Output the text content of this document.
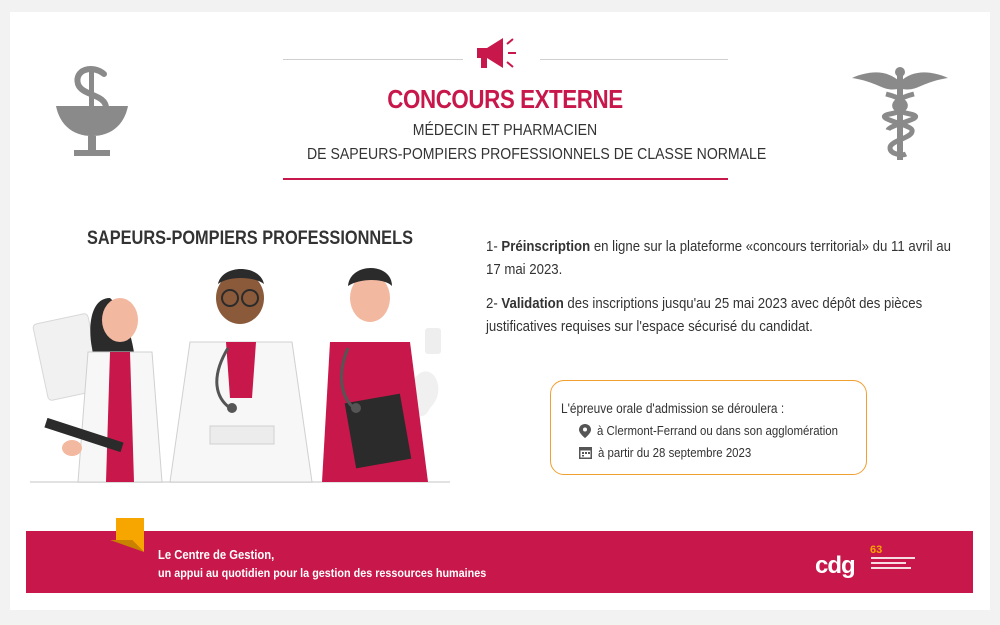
CONCOURS EXTERNE
MÉDECIN ET PHARMACIEN
DE SAPEURS-POMPIERS PROFESSIONNELS DE CLASSE NORMALE
SAPEURS-POMPIERS PROFESSIONNELS	1- Préinscription en ligne sur la plateforme «concours territorial» du 11 avril au 17 mai 2023.
2- Validation des inscriptions jusqu'au 25 mai 2023 avec dépôt des pièces justificatives requises sur l'espace sécurisé du candidat.
L'épreuve orale d'admission se déroulera :
à Clermont-Ferrand ou dans son agglomération
à partir du 28 septembre 2023
Le Centre de Gestion,
un appui au quotidien pour la gestion des ressources humaines	cdg
63
